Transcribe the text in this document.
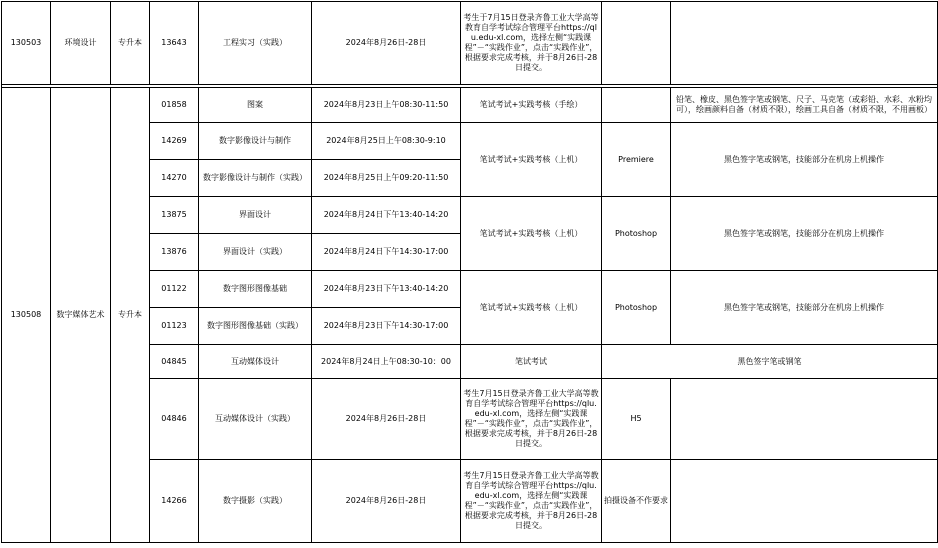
130503	环境设计	专升本	13643	工程实习（实践）	2024年8月26日-28日	考生于7月15日登录齐鲁工业大学高等教育自学考试综合管理平台https://qlu.edu-xl.com，选择左侧“实践课程”－“实践作业”，点击“实践作业”，根据要求完成考核，并于8月26日-28日提交。		

130508	数字媒体艺术	专升本	01858	图案	2024年8月23日上午08:30-11:50	笔试考试+实践考核（手绘）		铅笔、橡皮、黑色签字笔或钢笔、尺子、马克笔（或彩铅、水彩、水粉均可），绘画颜料自备（材质不限），绘画工具自备（材质不限，不用画板）
			14269	数字影像设计与制作	2024年8月25日上午08:30-9:10	笔试考试+实践考核（上机）	Premiere	黑色签字笔或钢笔，技能部分在机房上机操作
			14270	数字影像设计与制作（实践）	2024年8月25日上午09:20-11:50			
			13875	界面设计	2024年8月24日下午13:40-14:20	笔试考试+实践考核（上机）	Photoshop	黑色签字笔或钢笔，技能部分在机房上机操作
			13876	界面设计（实践）	2024年8月24日下午14:30-17:00			
			01122	数字图形图像基础	2024年8月23日下午13:40-14:20	笔试考试+实践考核（上机）	Photoshop	黑色签字笔或钢笔，技能部分在机房上机操作
			01123	数字图形图像基础（实践）	2024年8月23日下午14:30-17:00			
			04845	互动媒体设计	2024年8月24日上午08:30-10：00	笔试考试	黑色签字笔或钢笔	
			04846	互动媒体设计（实践）	2024年8月26日-28日	考生7月15日登录齐鲁工业大学高等教育自学考试综合管理平台https://qlu.edu-xl.com，选择左侧“实践课程”－“实践作业”，点击“实践作业”，根据要求完成考核，并于8月26日-28日提交。	H5	
			14266	数字摄影（实践）	2024年8月26日-28日	考生7月15日登录齐鲁工业大学高等教育自学考试综合管理平台https://qlu.edu-xl.com，选择左侧“实践课程”－“实践作业”，点击“实践作业”，根据要求完成考核，并于8月26日-28日提交。	拍摄设备不作要求	
